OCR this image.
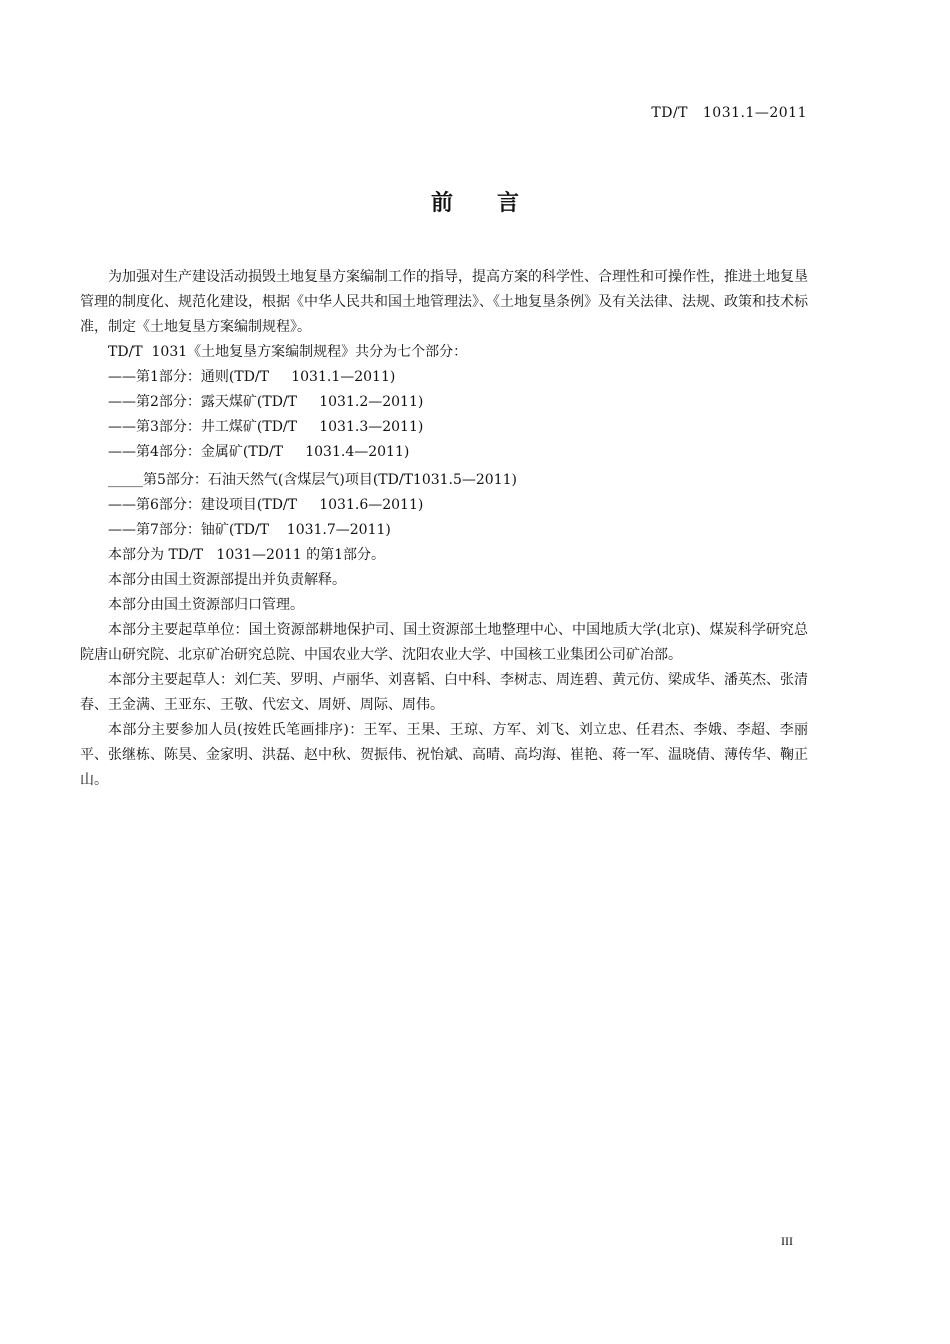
TD/T   1031.1—2011
前言

为加强对生产建设活动损毁土地复垦方案编制工作的指导，提高方案的科学性、合理性和可操作性，推进土地复垦管理的制度化、规范化建设，根据《中华人民共和国土地管理法》、《土地复垦条例》及有关法律、法规、政策和技术标准，制定《土地复垦方案编制规程》。

TD/T  1031《土地复垦方案编制规程》共分为七个部分：

——第1部分：通则(TD/T     1031.1—2011)

——第2部分：露天煤矿(TD/T     1031.2—2011)

——第3部分：井工煤矿(TD/T     1031.3—2011)

——第4部分：金属矿(TD/T     1031.4—2011)

_____第5部分：石油天然气(含煤层气)项目(TD/T1031.5—2011)

——第6部分：建设项目(TD/T     1031.6—2011)

——第7部分：铀矿(TD/T    1031.7—2011)

本部分为 TD/T   1031—2011 的第1部分。

本部分由国土资源部提出并负责解释。

本部分由国土资源部归口管理。

本部分主要起草单位：国土资源部耕地保护司、国土资源部土地整理中心、中国地质大学(北京)、煤炭科学研究总院唐山研究院、北京矿冶研究总院、中国农业大学、沈阳农业大学、中国核工业集团公司矿冶部。

本部分主要起草人：刘仁芙、罗明、卢丽华、刘喜韬、白中科、李树志、周连碧、黄元仿、梁成华、潘英杰、张清春、王金满、王亚东、王敬、代宏文、周妍、周际、周伟。

本部分主要参加人员(按姓氏笔画排序)：王军、王果、王琼、方军、刘飞、刘立忠、任君杰、李娥、李超、李丽平、张继栋、陈昊、金家明、洪磊、赵中秋、贺振伟、祝怡斌、高晴、高均海、崔艳、蒋一军、温晓倩、薄传华、鞠正山。

III
